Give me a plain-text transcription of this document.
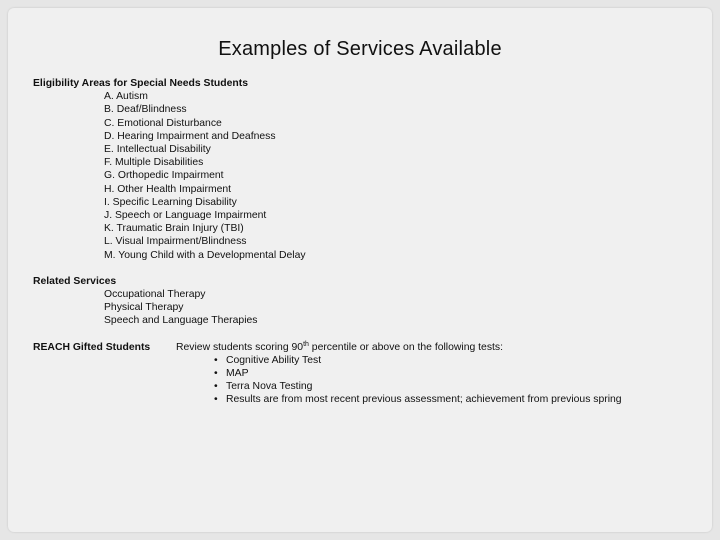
Examples of Services Available

Eligibility Areas for Special Needs Students

A. Autism
B. Deaf/Blindness
C. Emotional Disturbance
D. Hearing Impairment and Deafness
E. Intellectual Disability
F. Multiple Disabilities
G. Orthopedic Impairment
H. Other Health Impairment
I. Specific Learning Disability
J. Speech or Language Impairment
K. Traumatic Brain Injury (TBI)
L. Visual Impairment/Blindness
M. Young Child with a Developmental Delay

Related Services

Occupational Therapy
Physical Therapy
Speech and Language Therapies
REACH Gifted Students Review students scoring 90th percentile or above on the following tests:
• Cognitive Ability Test
• MAP
• Terra Nova Testing
• Results are from most recent previous assessment; achievement from previous spring
